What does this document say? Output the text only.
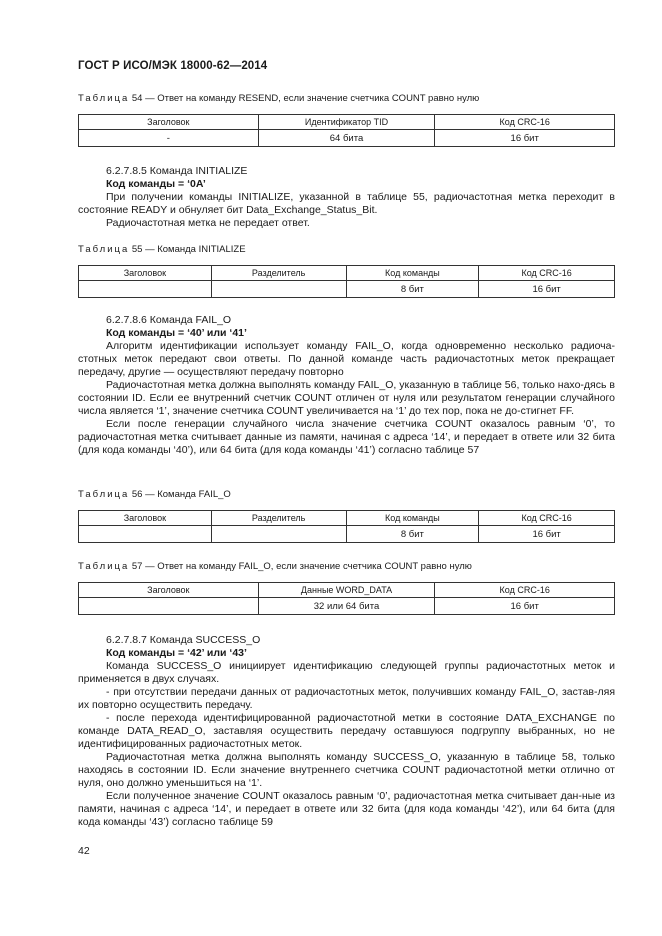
ГОСТ Р ИСО/МЭК 18000-62—2014
Таблица 54 — Ответ на команду RESEND, если значение счетчика COUNT равно нулю
Заголовок	Идентификатор TID	Код CRC-16
-	64 бита	16 бит

6.2.7.8.5 Команда INITIALIZE

Код команды = ‘0А’

При получении команды INITIALIZE, указанной в таблице 55, радиочастотная метка переходит в состояние READY и обнуляет бит Data_Exchange_Status_Bit.

Радиочастотная метка не передает ответ.

Таблица 55 — Команда INITIALIZE
Заголовок	Разделитель	Код команды	Код CRC-16
		8 бит	16 бит

6.2.7.8.6 Команда FAIL_O

Код команды = ‘40’ или ‘41’

Алгоритм идентификации использует команду FAIL_O, когда одновременно несколько радиоча-стотных меток передают свои ответы. По данной команде часть радиочастотных меток прекращает передачу, другие — осуществляют передачу повторно

Радиочастотная метка должна выполнять команду FAIL_O, указанную в таблице 56, только нахо-дясь в состоянии ID. Если ее внутренний счетчик COUNT отличен от нуля или результатом генерации случайного числа является ‘1’, значение счетчика COUNT увеличивается на ‘1’ до тех пор, пока не до-стигнет FF.

Если после генерации случайного числа значение счетчика COUNT оказалось равным ‘0’, то радиочастотная метка считывает данные из памяти, начиная с адреса ‘14’, и передает в ответе или 32 бита (для кода команды ‘40’), или 64 бита (для кода команды ‘41’) согласно таблице 57

Таблица 56 — Команда FAIL_O
Заголовок	Разделитель	Код команды	Код CRC-16
		8 бит	16 бит
Таблица 57 — Ответ на команду FAIL_O, если значение счетчика COUNT равно нулю
Заголовок	Данные WORD_DATA	Код CRC-16
	32 или 64 бита	16 бит

6.2.7.8.7 Команда SUCCESS_O

Код команды = ‘42’ или ‘43’

Команда SUCCESS_O инициирует идентификацию следующей группы радиочастотных меток и применяется в двух случаях.

- при отсутствии передачи данных от радиочастотных меток, получивших команду FAIL_O, застав-ляя их повторно осуществить передачу.

- после перехода идентифицированной радиочастотной метки в состояние DATA_EXCHANGE по команде DATA_READ_O, заставляя осуществить передачу оставшуюся подгруппу выбранных, но не идентифицированных радиочастотных меток.

Радиочастотная метка должна выполнять команду SUCCESS_O, указанную в таблице 58, только находясь в состоянии ID. Если значение внутреннего счетчика COUNT радиочастотной метки отлично от нуля, оно должно уменьшиться на ‘1’.

Если полученное значение COUNT оказалось равным ‘0’, радиочастотная метка считывает дан-ные из памяти, начиная с адреса ‘14’, и передает в ответе или 32 бита (для кода команды ‘42’), или 64 бита (для кода команды ‘43’) согласно таблице 59

42
